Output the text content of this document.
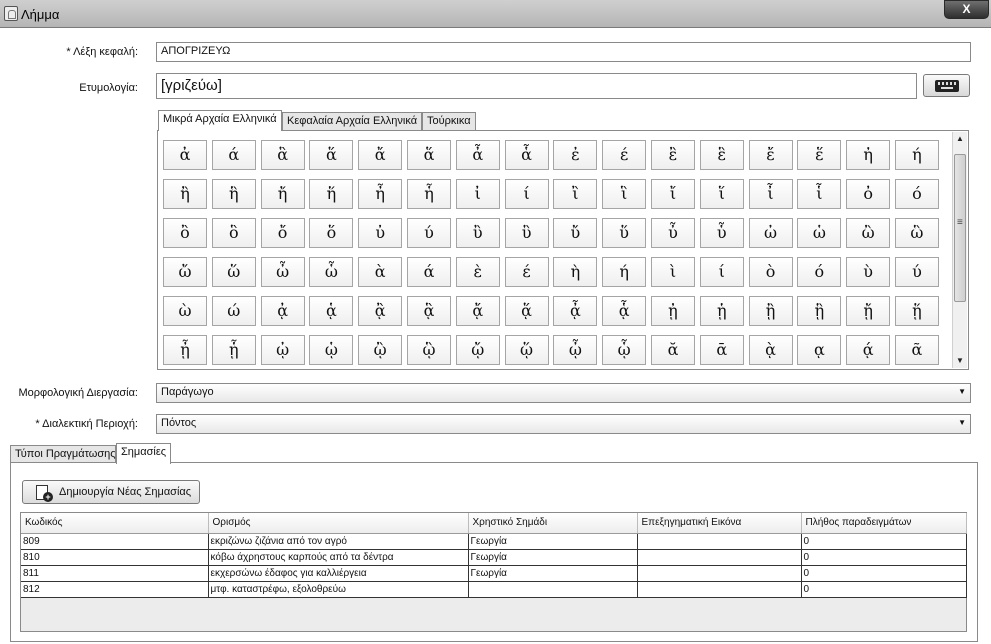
Λήμμα	X
* Λέξη κεφαλή:	ΑΠΟΓΡΙΖΕΥΩ
Ετυμολογία:	[γριζεύω]
Μικρά Αρχαία Ελληνικά Κεφαλαία Αρχαία Ελληνικά Τούρκικα
ἀ	ά	ἃ	ἅ	ἄ	ἅ	ἆ	ἇ	ἐ	έ	ἒ	ἓ	ἔ	ἕ	ἠ	ή
ἢ	ἣ	ἤ	ἥ	ἦ	ἧ	ἰ	ί	ἲ	ἳ	ἴ	ἵ	ἶ	ἷ	ὀ	ό
ὂ	ὃ	ὄ	ὅ	ὐ	ύ	ὒ	ὓ	ὔ	ὕ	ὖ	ὗ	ὠ	ὡ	ὢ	ὣ
ὤ	ὥ	ὦ	ὧ	ὰ	ά	ὲ	έ	ὴ	ή	ὶ	ί	ὸ	ό	ὺ	ύ
ὼ	ώ	ᾀ	ᾁ	ᾂ	ᾃ	ᾄ	ᾅ	ᾆ	ᾇ	ᾐ	ᾑ	ᾒ	ᾓ	ᾔ	ᾕ
ᾖ	ᾗ	ᾠ	ᾡ	ᾢ	ᾣ	ᾤ	ᾥ	ᾦ	ᾧ	ᾰ	ᾱ	ᾲ	ᾳ	ᾴ	ᾶ
▲
≡
▼
Μορφολογική Διεργασία:	Παράγωγο	▼
* Διαλεκτική Περιοχή:	Πόντος	▼
Τύποι Πραγμάτωσης Σημασίες
+ Δημιουργία Νέας Σημασίας
Κωδικός	Ορισμός	Χρηστικό Σημάδι	Επεξηγηματική Εικόνα	Πλήθος παραδειγμάτων
809	εκριζώνω ζιζάνια από τον αγρό	Γεωργία		0
810	κόβω άχρηστους καρπούς από τα δέντρα	Γεωργία		0
811	εκχερσώνω έδαφος για καλλιέργεια	Γεωργία		0
812	μτφ. καταστρέφω, εξολοθρεύω			0
